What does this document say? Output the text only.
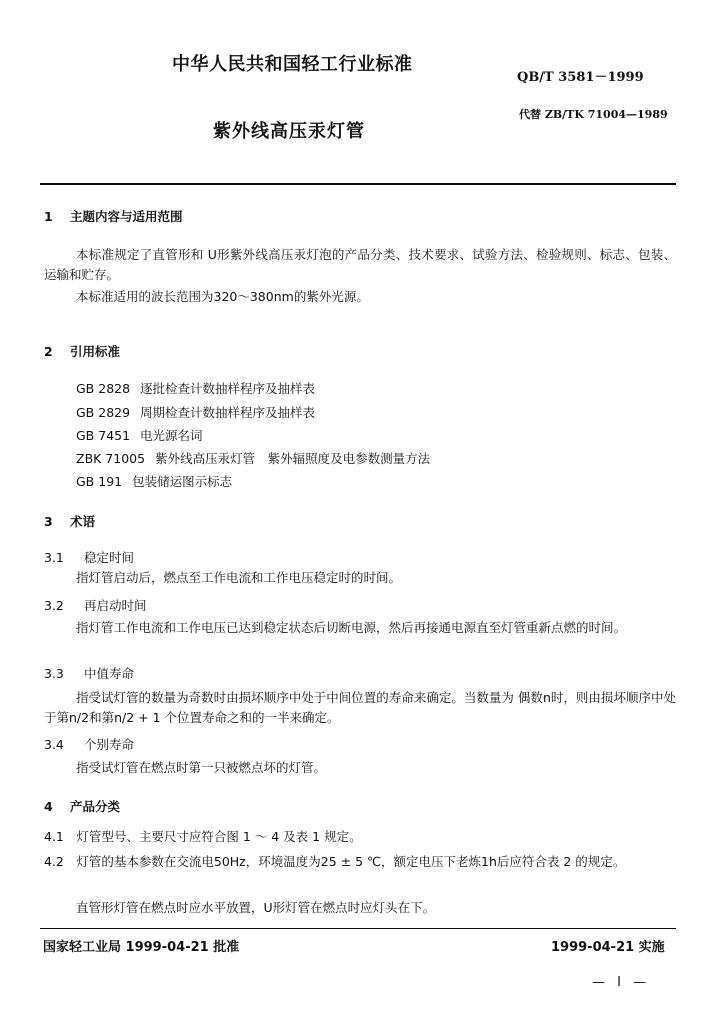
中华人民共和国轻工行业标准
QB/T 3581－1999
代替 ZB/TK 71004—1989
紫外线高压汞灯管
1 主题内容与适用范围
本标准规定了直管形和 U形紫外线高压汞灯泡的产品分类、技术要求、试验方法、检验规则、标志、包装、运输和贮存。
本标准适用的波长范围为320～380nm的紫外光源。
2 引用标准
GB 2828 逐批检查计数抽样程序及抽样表
GB 2829 周期检查计数抽样程序及抽样表
GB 7451 电光源名词
ZBK 71005 紫外线高压汞灯管　紫外辐照度及电参数测量方法
GB 191 包装储运图示标志
3 术语
3.1 稳定时间
指灯管启动后，燃点至工作电流和工作电压稳定时的时间。
3.2 再启动时间
指灯管工作电流和工作电压已达到稳定状态后切断电源，然后再接通电源直至灯管重新点燃的时间。
3.3 中值寿命
指受试灯管的数量为奇数时由损坏顺序中处于中间位置的寿命来确定。当数量为 偶数n时，则由损坏顺序中处于第n/2和第n/2 + 1 个位置寿命之和的一半来确定。
3.4 个别寿命
指受试灯管在燃点时第一只被燃点坏的灯管。
4 产品分类
4.1　灯管型号、主要尺寸应符合图 1 ～ 4 及表 1 规定。
4.2　灯管的基本参数在交流电50Hz，环境温度为25 ± 5 ℃，额定电压下老炼1h后应符合表 2 的规定。
直管形灯管在燃点时应水平放置，U形灯管在燃点时应灯头在下。
国家轻工业局 1999-04-21 批准	1999-04-21 实施
— I —
